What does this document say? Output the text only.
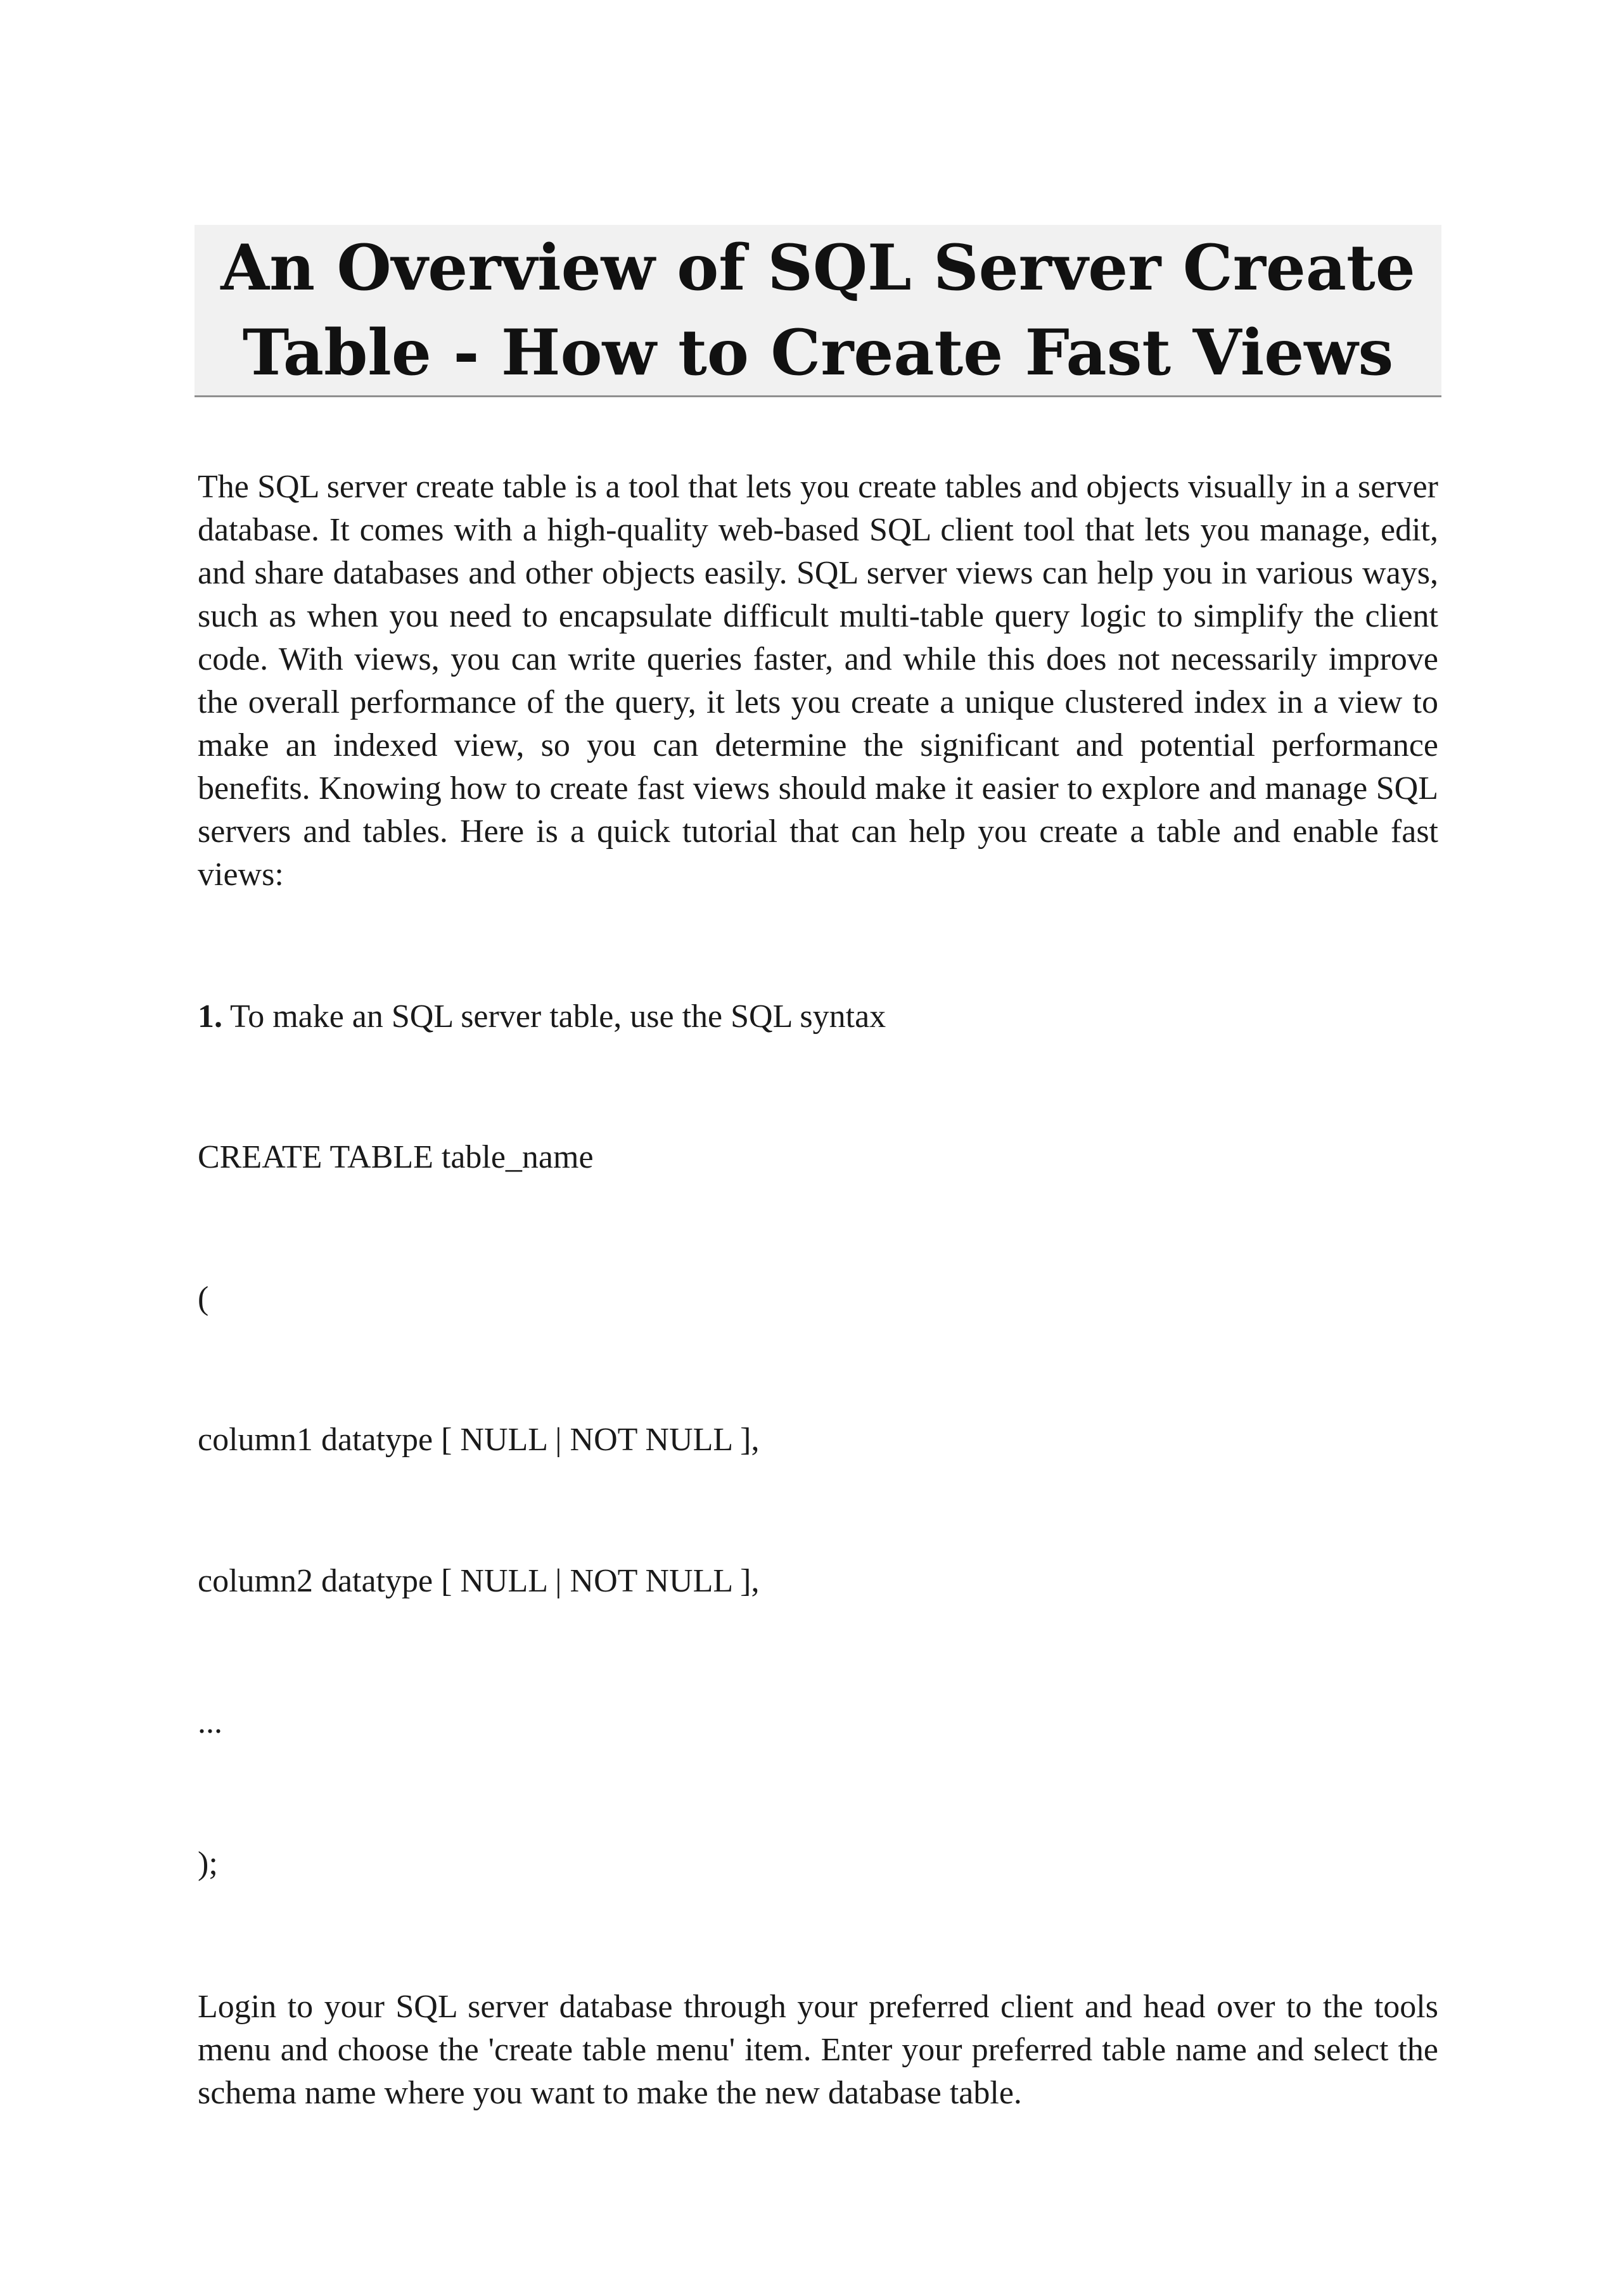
An Overview of SQL Server Create Table - How to Create Fast Views

The SQL server create table is a tool that lets you create tables and objects visually in a server database. It comes with a high-quality web-based SQL client tool that lets you manage, edit, and share databases and other objects easily. SQL server views can help you in various ways, such as when you need to encapsulate difficult multi-table query logic to simplify the client code. With views, you can write queries faster, and while this does not necessarily improve the overall performance of the query, it lets you create a unique clustered index in a view to make an indexed view, so you can determine the significant and potential performance benefits. Knowing how to create fast views should make it easier to explore and manage SQL servers and tables. Here is a quick tutorial that can help you create a table and enable fast views:

1. To make an SQL server table, use the SQL syntax

CREATE TABLE table_name

(

column1 datatype [ NULL | NOT NULL ],

column2 datatype [ NULL | NOT NULL ],

...

);

Login to your SQL server database through your preferred client and head over to the tools menu and choose the 'create table menu' item. Enter your preferred table name and select the schema name where you want to make the new database table.
